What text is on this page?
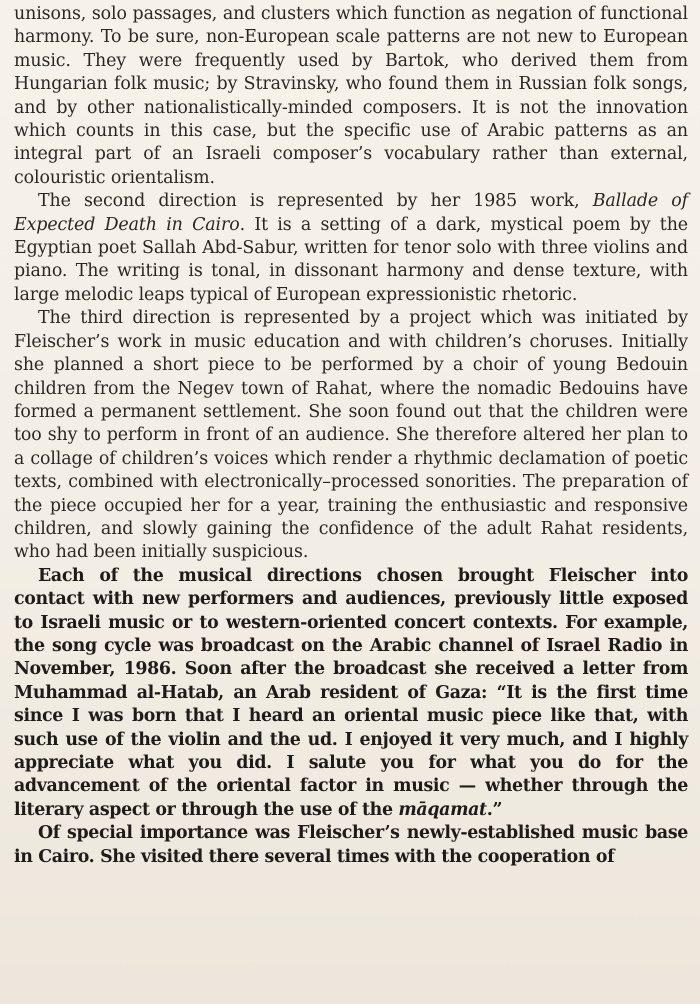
unisons, solo passages, and clusters which function as negation of functional harmony. To be sure, non-European scale patterns are not new to European music. They were frequently used by Bartok, who derived them from Hungarian folk music; by Stravinsky, who found them in Russian folk songs, and by other nationalistically-minded composers. It is not the innovation which counts in this case, but the specific use of Arabic patterns as an integral part of an Israeli composer’s vocabulary rather than external, colouristic orientalism.

The second direction is represented by her 1985 work, Ballade of Expected Death in Cairo. It is a setting of a dark, mystical poem by the Egyptian poet Sallah Abd-Sabur, written for tenor solo with three violins and piano. The writing is tonal, in dissonant harmony and dense texture, with large melodic leaps typical of European expressionistic rhetoric.

The third direction is represented by a project which was initiated by Fleischer’s work in music education and with children’s choruses. Initially she planned a short piece to be performed by a choir of young Bedouin children from the Negev town of Rahat, where the nomadic Bedouins have formed a permanent settlement. She soon found out that the children were too shy to perform in front of an audience. She therefore altered her plan to a collage of children’s voices which render a rhythmic declamation of poetic texts, combined with electronically–processed sonorities. The preparation of the piece occupied her for a year, training the enthusiastic and responsive children, and slowly gaining the confidence of the adult Rahat residents, who had been initially suspicious.

Each of the musical directions chosen brought Fleischer into contact with new performers and audiences, previously little exposed to Israeli music or to western-oriented concert contexts. For example, the song cycle was broadcast on the Arabic channel of Israel Radio in November, 1986. Soon after the broadcast she received a letter from Muhammad al-Hatab, an Arab resident of Gaza: “It is the first time since I was born that I heard an oriental music piece like that, with such use of the violin and the ud. I enjoyed it very much, and I highly appreciate what you did. I salute you for what you do for the advancement of the oriental factor in music — whether through the literary aspect or through the use of the māqamat.”

Of special importance was Fleischer’s newly-established music base in Cairo. She visited there several times with the cooperation of
